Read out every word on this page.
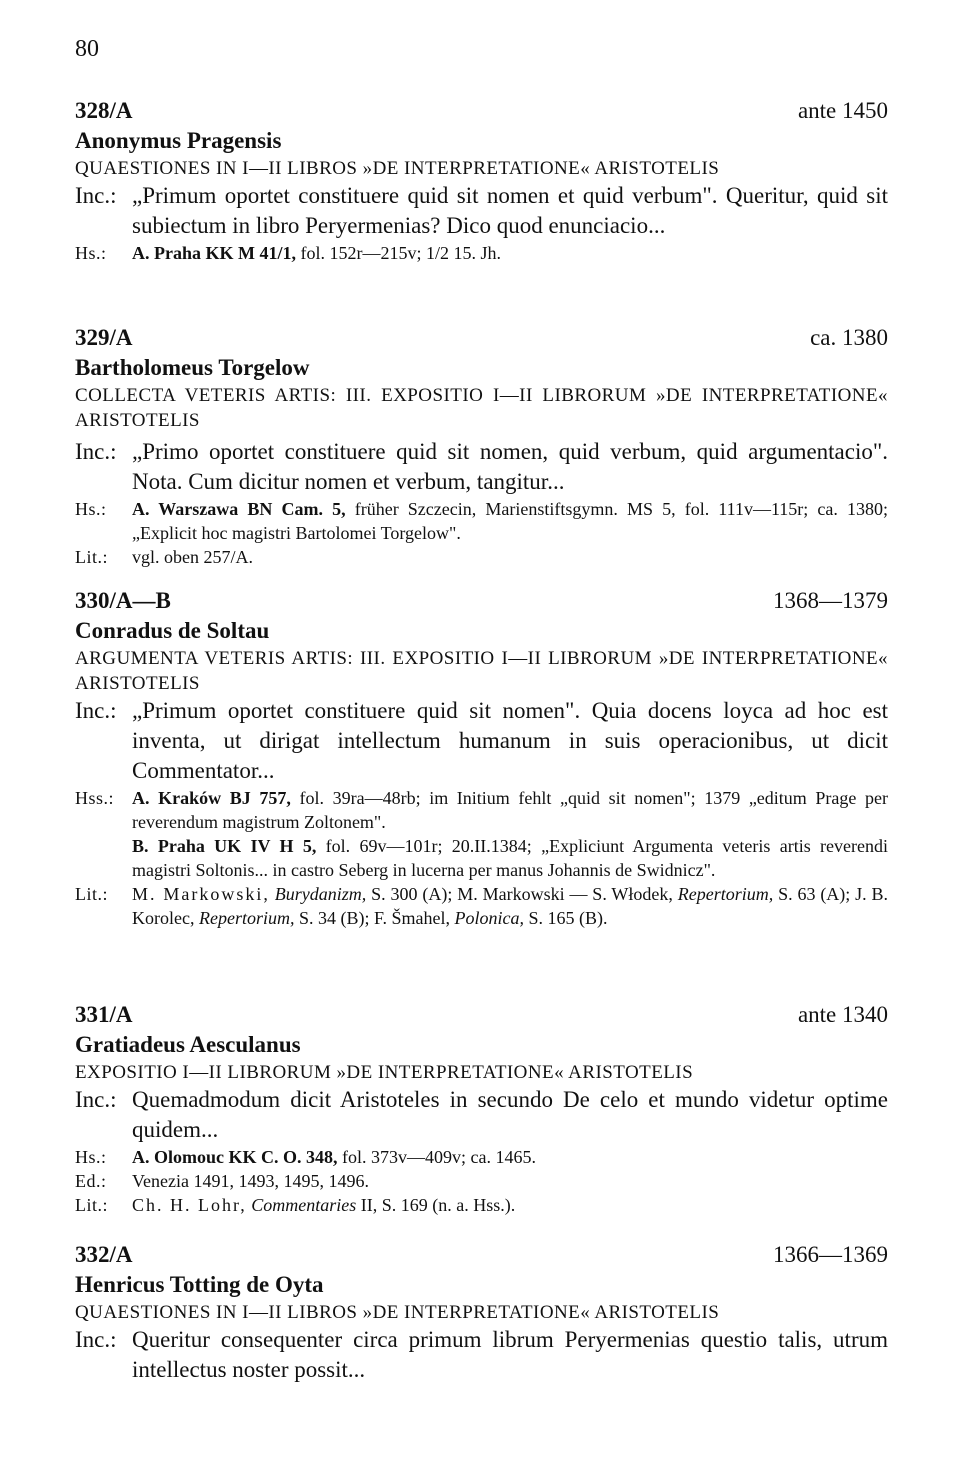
80
328/A	ante 1450
Anonymus Pragensis
QUAESTIONES IN I—II LIBROS »DE INTERPRETATIONE« ARISTOTELIS
Inc.: „Primum oportet constituere quid sit nomen et quid verbum". Queritur, quid sit subiectum in libro Peryermenias? Dico quod enunciacio...
Hs.:	A. Praha KK M 41/1, fol. 152r—215v; 1/2 15. Jh.
329/A	ca. 1380
Bartholomeus Torgelow
COLLECTA VETERIS ARTIS: III. EXPOSITIO I—II LIBRORUM »DE INTERPRETATIONE« ARISTOTELIS
Inc.: „Primo oportet constituere quid sit nomen, quid verbum, quid argumentacio". Nota. Cum dicitur nomen et verbum, tangitur...
Hs.:	A. Warszawa BN Cam. 5, früher Szczecin, Marienstiftsgymn. MS 5, fol. 111v—115r; ca. 1380; „Explicit hoc magistri Bartolomei Torgelow".
Lit.:	vgl. oben 257/A.
330/A—B	1368—1379
Conradus de Soltau
ARGUMENTA VETERIS ARTIS: III. EXPOSITIO I—II LIBRORUM »DE INTERPRETATIONE« ARISTOTELIS
Inc.: „Primum oportet constituere quid sit nomen". Quia docens loyca ad hoc est inventa, ut dirigat intellectum humanum in suis operacionibus, ut dicit Commentator...
Hss.: A. Kraków BJ 757, fol. 39ra—48rb; im Initium fehlt „quid sit nomen"; 1379 „editum Prage per reverendum magistrum Zoltonem".
B. Praha UK IV H 5, fol. 69v—101r; 20.II.1384; „Expliciunt Argumenta veteris artis reverendi magistri Soltonis... in castro Seberg in lucerna per manus Johannis de Swidnicz".
Lit.:	M. Markowski, Burydanizm, S. 300 (A); M. Markowski — S. Włodek, Repertorium, S. 63 (A); J. B. Korolec, Repertorium, S. 34 (B); F. Šmahel, Polonica, S. 165 (B).
331/A	ante 1340
Gratiadeus Aesculanus
EXPOSITIO I—II LIBRORUM »DE INTERPRETATIONE« ARISTOTELIS
Inc.: Quemadmodum dicit Aristoteles in secundo De celo et mundo videtur optime quidem...
Hs.:	A. Olomouc KK C. O. 348, fol. 373v—409v; ca. 1465.
Ed.:	Venezia 1491, 1493, 1495, 1496.
Lit.:	Ch. H. Lohr, Commentaries II, S. 169 (n. a. Hss.).
332/A	1366—1369
Henricus Totting de Oyta
QUAESTIONES IN I—II LIBROS »DE INTERPRETATIONE« ARISTOTELIS
Inc.: Queritur consequenter circa primum librum Peryermenias questio talis, utrum intellectus noster possit...
